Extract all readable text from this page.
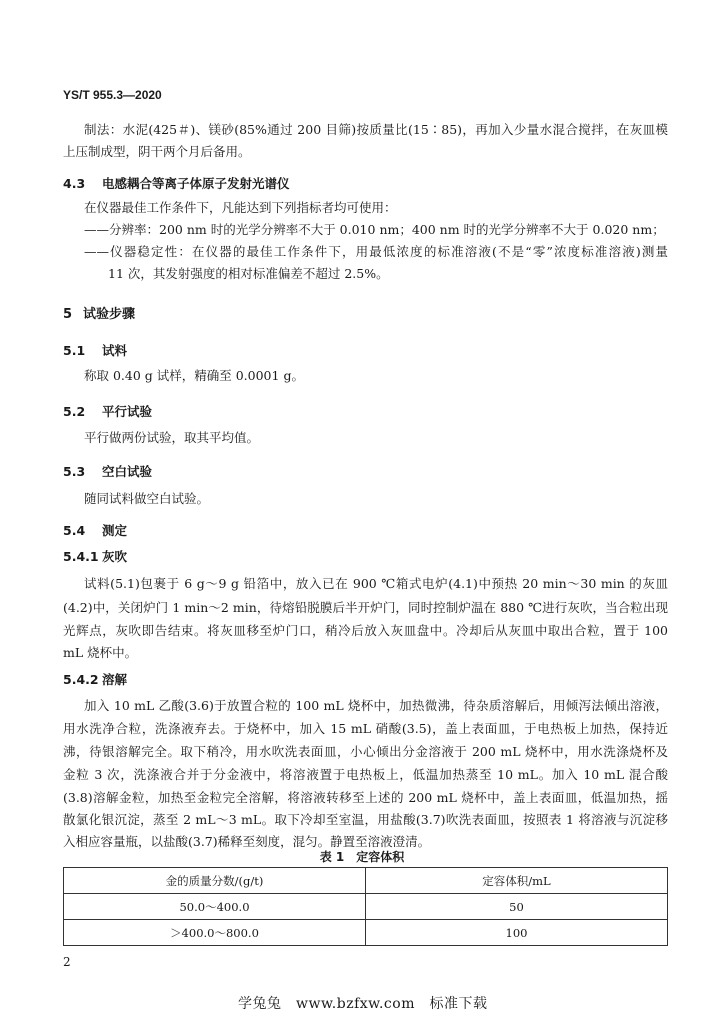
YS/T 955.3—2020
制法：水泥(425＃)、镁砂(85%通过 200 目筛)按质量比(15∶85)，再加入少量水混合搅拌，在灰皿模
上压制成型，阴干两个月后备用。
4.3 电感耦合等离子体原子发射光谱仪
在仪器最佳工作条件下，凡能达到下列指标者均可使用：
——分辨率：200 nm 时的光学分辨率不大于 0.010 nm；400 nm 时的光学分辨率不大于 0.020 nm；
——仪器稳定性：在仪器的最佳工作条件下，用最低浓度的标准溶液(不是“零”浓度标准溶液)测量
11 次，其发射强度的相对标准偏差不超过 2.5%。
5 试验步骤
5.1 试料
称取 0.40 g 试样，精确至 0.0001 g。
5.2 平行试验
平行做两份试验，取其平均值。
5.3 空白试验
随同试料做空白试验。
5.4 测定
5.4.1 灰吹
试料(5.1)包裹于 6 g～9 g 铅箔中，放入已在 900 ℃箱式电炉(4.1)中预热 20 min～30 min 的灰皿
(4.2)中，关闭炉门 1 min～2 min，待熔铅脱膜后半开炉门，同时控制炉温在 880 ℃进行灰吹，当合粒出现
光辉点，灰吹即告结束。将灰皿移至炉门口，稍冷后放入灰皿盘中。冷却后从灰皿中取出合粒，置于 100
mL 烧杯中。
5.4.2 溶解
加入 10 mL 乙酸(3.6)于放置合粒的 100 mL 烧杯中，加热微沸，待杂质溶解后，用倾泻法倾出溶液，
用水洗净合粒，洗涤液弃去。于烧杯中，加入 15 mL 硝酸(3.5)，盖上表面皿，于电热板上加热，保持近
沸，待银溶解完全。取下稍冷，用水吹洗表面皿，小心倾出分金溶液于 200 mL 烧杯中，用水洗涤烧杯及
金粒 3 次，洗涤液合并于分金液中，将溶液置于电热板上，低温加热蒸至 10 mL。加入 10 mL 混合酸
(3.8)溶解金粒，加热至金粒完全溶解，将溶液转移至上述的 200 mL 烧杯中，盖上表面皿，低温加热，摇
散氯化银沉淀，蒸至 2 mL～3 mL。取下冷却至室温，用盐酸(3.7)吹洗表面皿，按照表 1 将溶液与沉淀移
入相应容量瓶，以盐酸(3.7)稀释至刻度，混匀。静置至溶液澄清。
表 1　定容体积
金的质量分数/(g/t)	定容体积/mL
50.0～400.0	50
＞400.0～800.0	100
2
学兔兔　www.bzfxw.com　标准下载
